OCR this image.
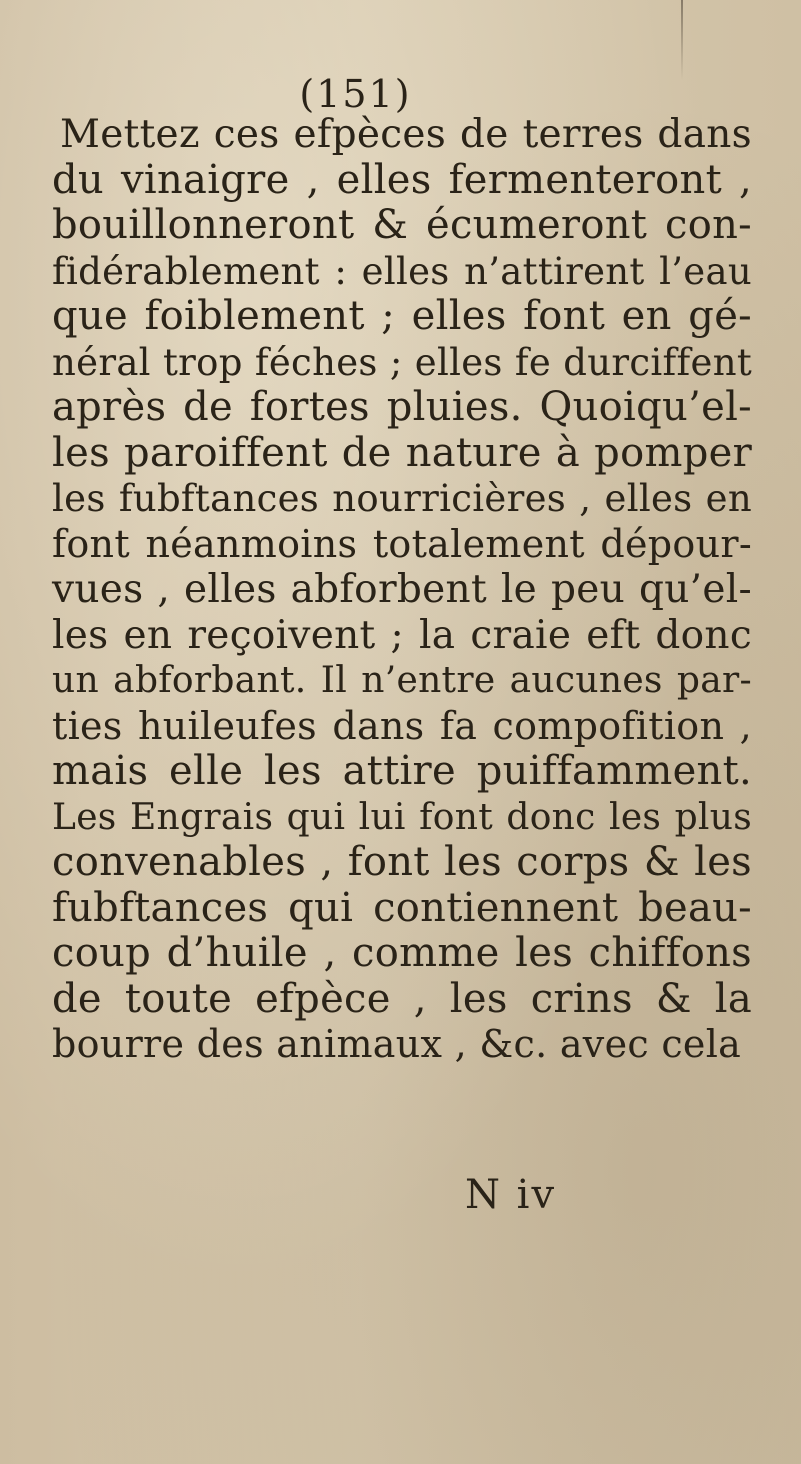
(151)
Mettez ces efpèces de terres dans
du vinaigre , elles fermenteront ,
bouillonneront & écumeront con-
fidérablement : elles n’attirent l’eau
que foiblement ; elles font en gé-
néral trop féches ; elles fe durciffent
après de fortes pluies. Quoiqu’el-
les paroiffent de nature à pomper
les fubftances nourricières , elles en
font néanmoins totalement dépour-
vues , elles abforbent le peu qu’el-
les en reçoivent ; la craie eft donc
un abforbant. Il n’entre aucunes par-
ties huileufes dans fa compofition ,
mais elle les attire puiffamment.
Les Engrais qui lui font donc les plus
convenables , font les corps & les
fubftances qui contiennent beau-
coup d’huile , comme les chiffons
de toute efpèce , les crins & la
bourre des animaux , &c. avec cela
N iv
